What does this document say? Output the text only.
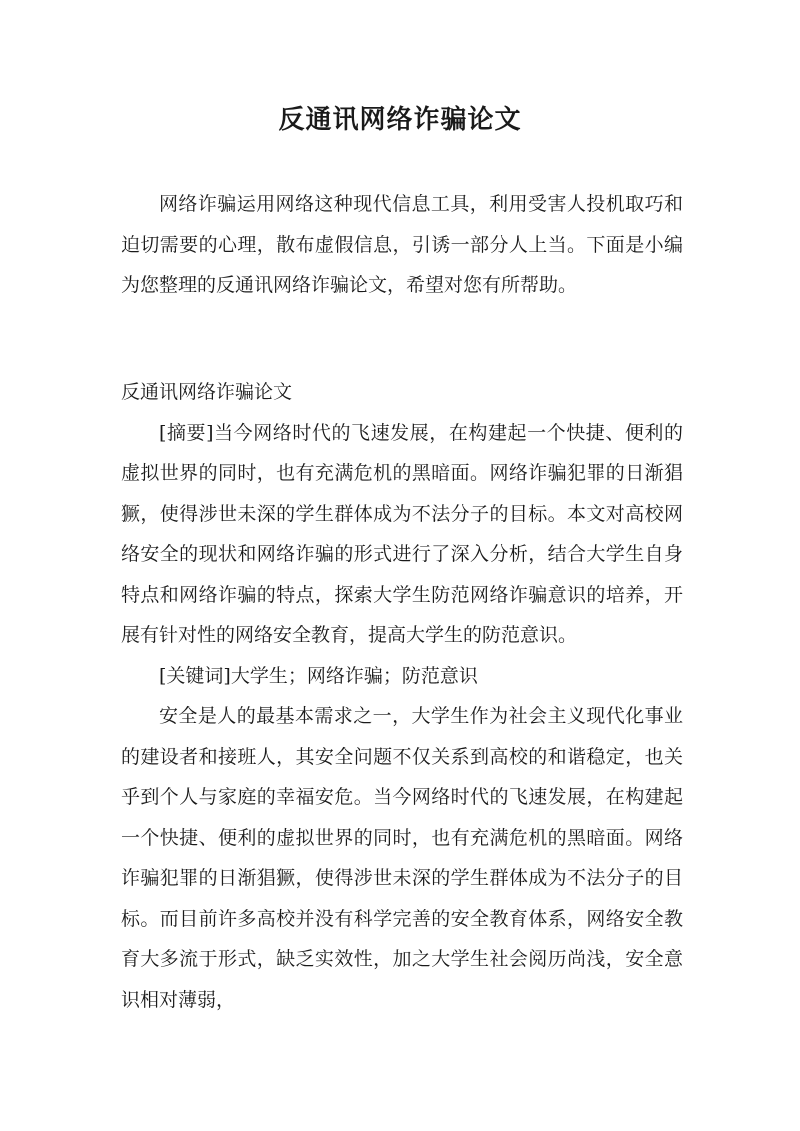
反通讯网络诈骗论文

网络诈骗运用网络这种现代信息工具，利用受害人投机取巧和迫切需要的心理，散布虚假信息，引诱一部分人上当。下面是小编为您整理的反通讯网络诈骗论文，希望对您有所帮助。

反通讯网络诈骗论文

[摘要]当今网络时代的飞速发展，在构建起一个快捷、便利的虚拟世界的同时，也有充满危机的黑暗面。网络诈骗犯罪的日渐猖獗，使得涉世未深的学生群体成为不法分子的目标。本文对高校网络安全的现状和网络诈骗的形式进行了深入分析，结合大学生自身特点和网络诈骗的特点，探索大学生防范网络诈骗意识的培养，开展有针对性的网络安全教育，提高大学生的防范意识。

[关键词]大学生；网络诈骗；防范意识

安全是人的最基本需求之一，大学生作为社会主义现代化事业的建设者和接班人，其安全问题不仅关系到高校的和谐稳定，也关乎到个人与家庭的幸福安危。当今网络时代的飞速发展，在构建起一个快捷、便利的虚拟世界的同时，也有充满危机的黑暗面。网络诈骗犯罪的日渐猖獗，使得涉世未深的学生群体成为不法分子的目标。而目前许多高校并没有科学完善的安全教育体系，网络安全教育大多流于形式，缺乏实效性，加之大学生社会阅历尚浅，安全意识相对薄弱，
